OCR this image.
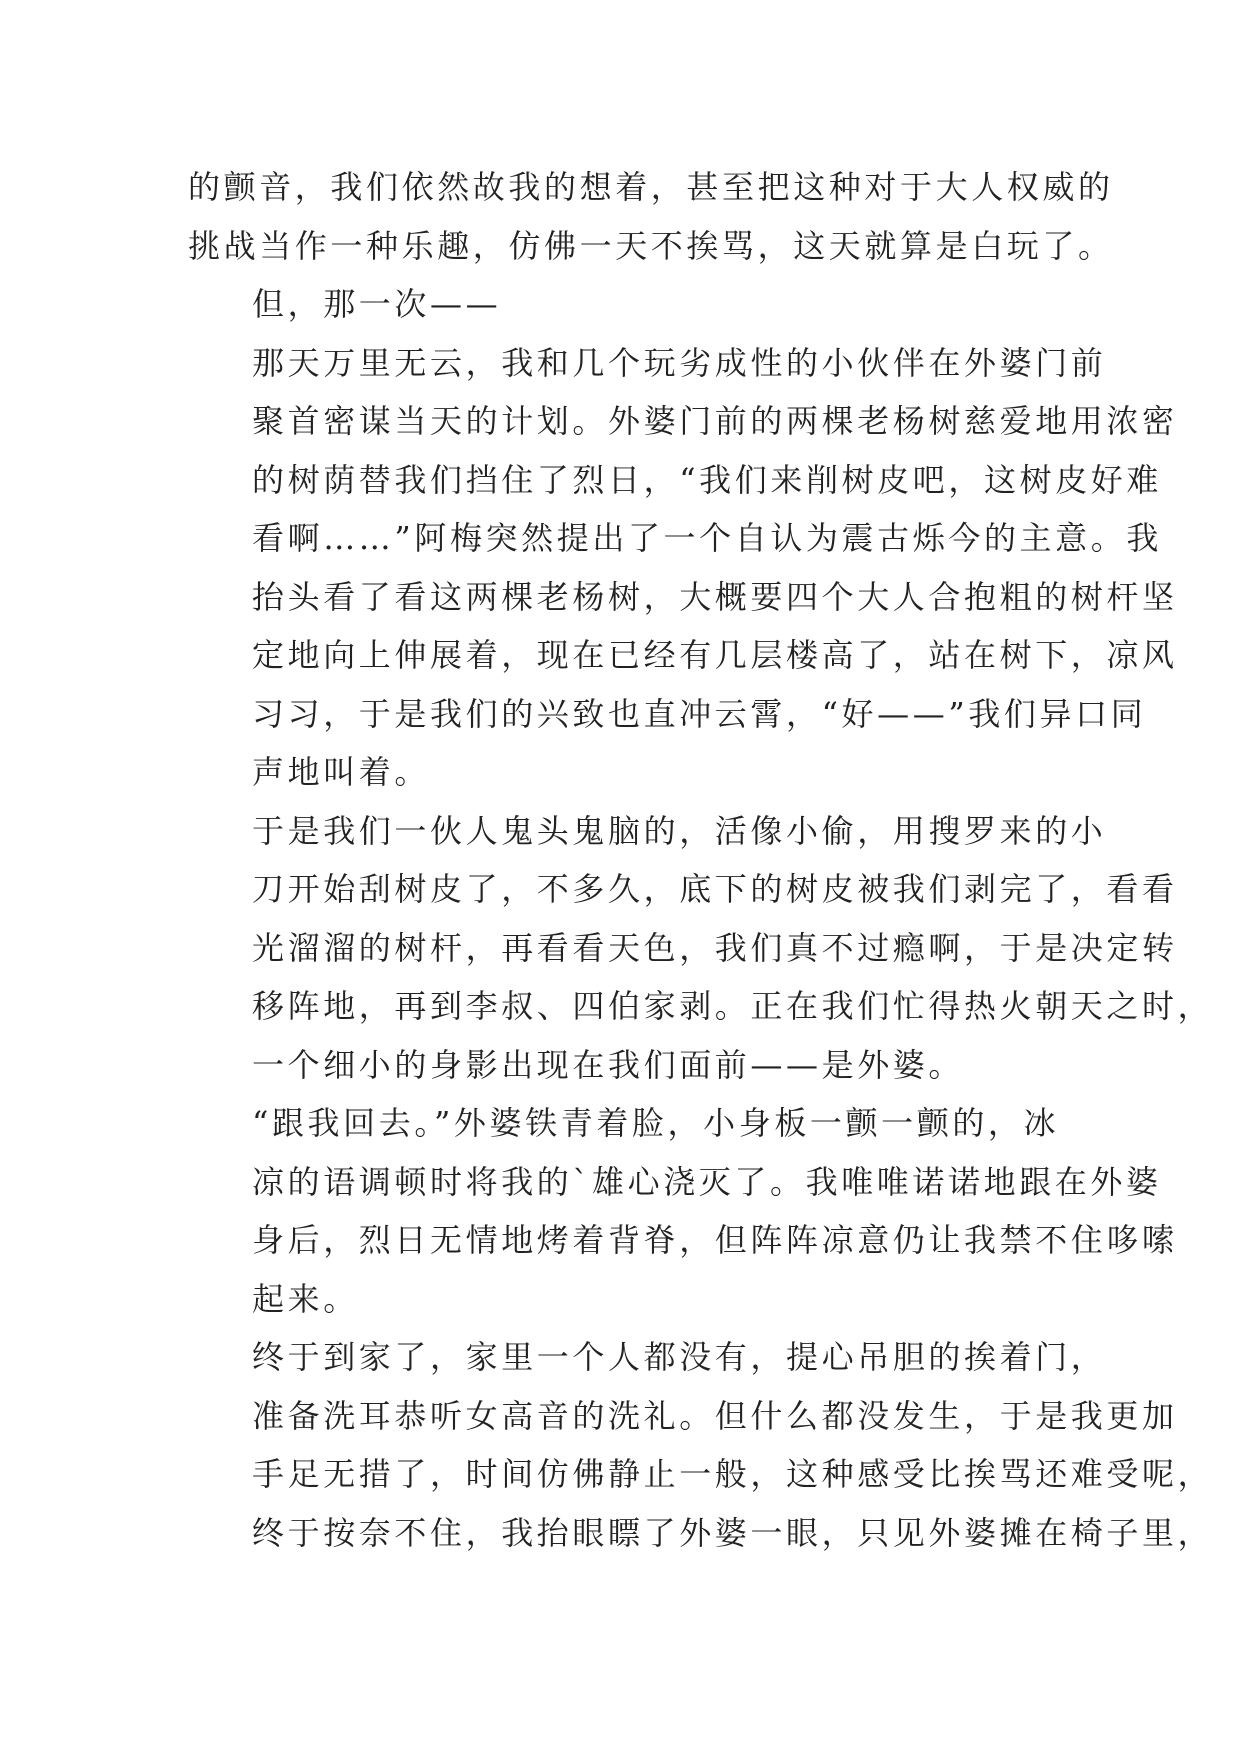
的颤音，我们依然故我的想着，甚至把这种对于大人权威的
挑战当作一种乐趣，仿佛一天不挨骂，这天就算是白玩了。

但，那一次——

那天万里无云，我和几个玩劣成性的小伙伴在外婆门前
聚首密谋当天的计划。外婆门前的两棵老杨树慈爱地用浓密
的树荫替我们挡住了烈日，“我们来削树皮吧，这树皮好难
看啊……”阿梅突然提出了一个自认为震古烁今的主意。我
抬头看了看这两棵老杨树，大概要四个大人合抱粗的树杆坚
定地向上伸展着，现在已经有几层楼高了，站在树下，凉风
习习，于是我们的兴致也直冲云霄，“好——”我们异口同
声地叫着。

于是我们一伙人鬼头鬼脑的，活像小偷，用搜罗来的小
刀开始刮树皮了，不多久，底下的树皮被我们剥完了，看看
光溜溜的树杆，再看看天色，我们真不过瘾啊，于是决定转
移阵地，再到李叔、四伯家剥。正在我们忙得热火朝天之时，
一个细小的身影出现在我们面前——是外婆。

“跟我回去。”外婆铁青着脸，小身板一颤一颤的，冰
凉的语调顿时将我的`雄心浇灭了。我唯唯诺诺地跟在外婆
身后，烈日无情地烤着背脊，但阵阵凉意仍让我禁不住哆嗦
起来。

终于到家了，家里一个人都没有，提心吊胆的挨着门，
准备洗耳恭听女高音的洗礼。但什么都没发生，于是我更加
手足无措了，时间仿佛静止一般，这种感受比挨骂还难受呢，
终于按奈不住，我抬眼瞟了外婆一眼，只见外婆摊在椅子里，
